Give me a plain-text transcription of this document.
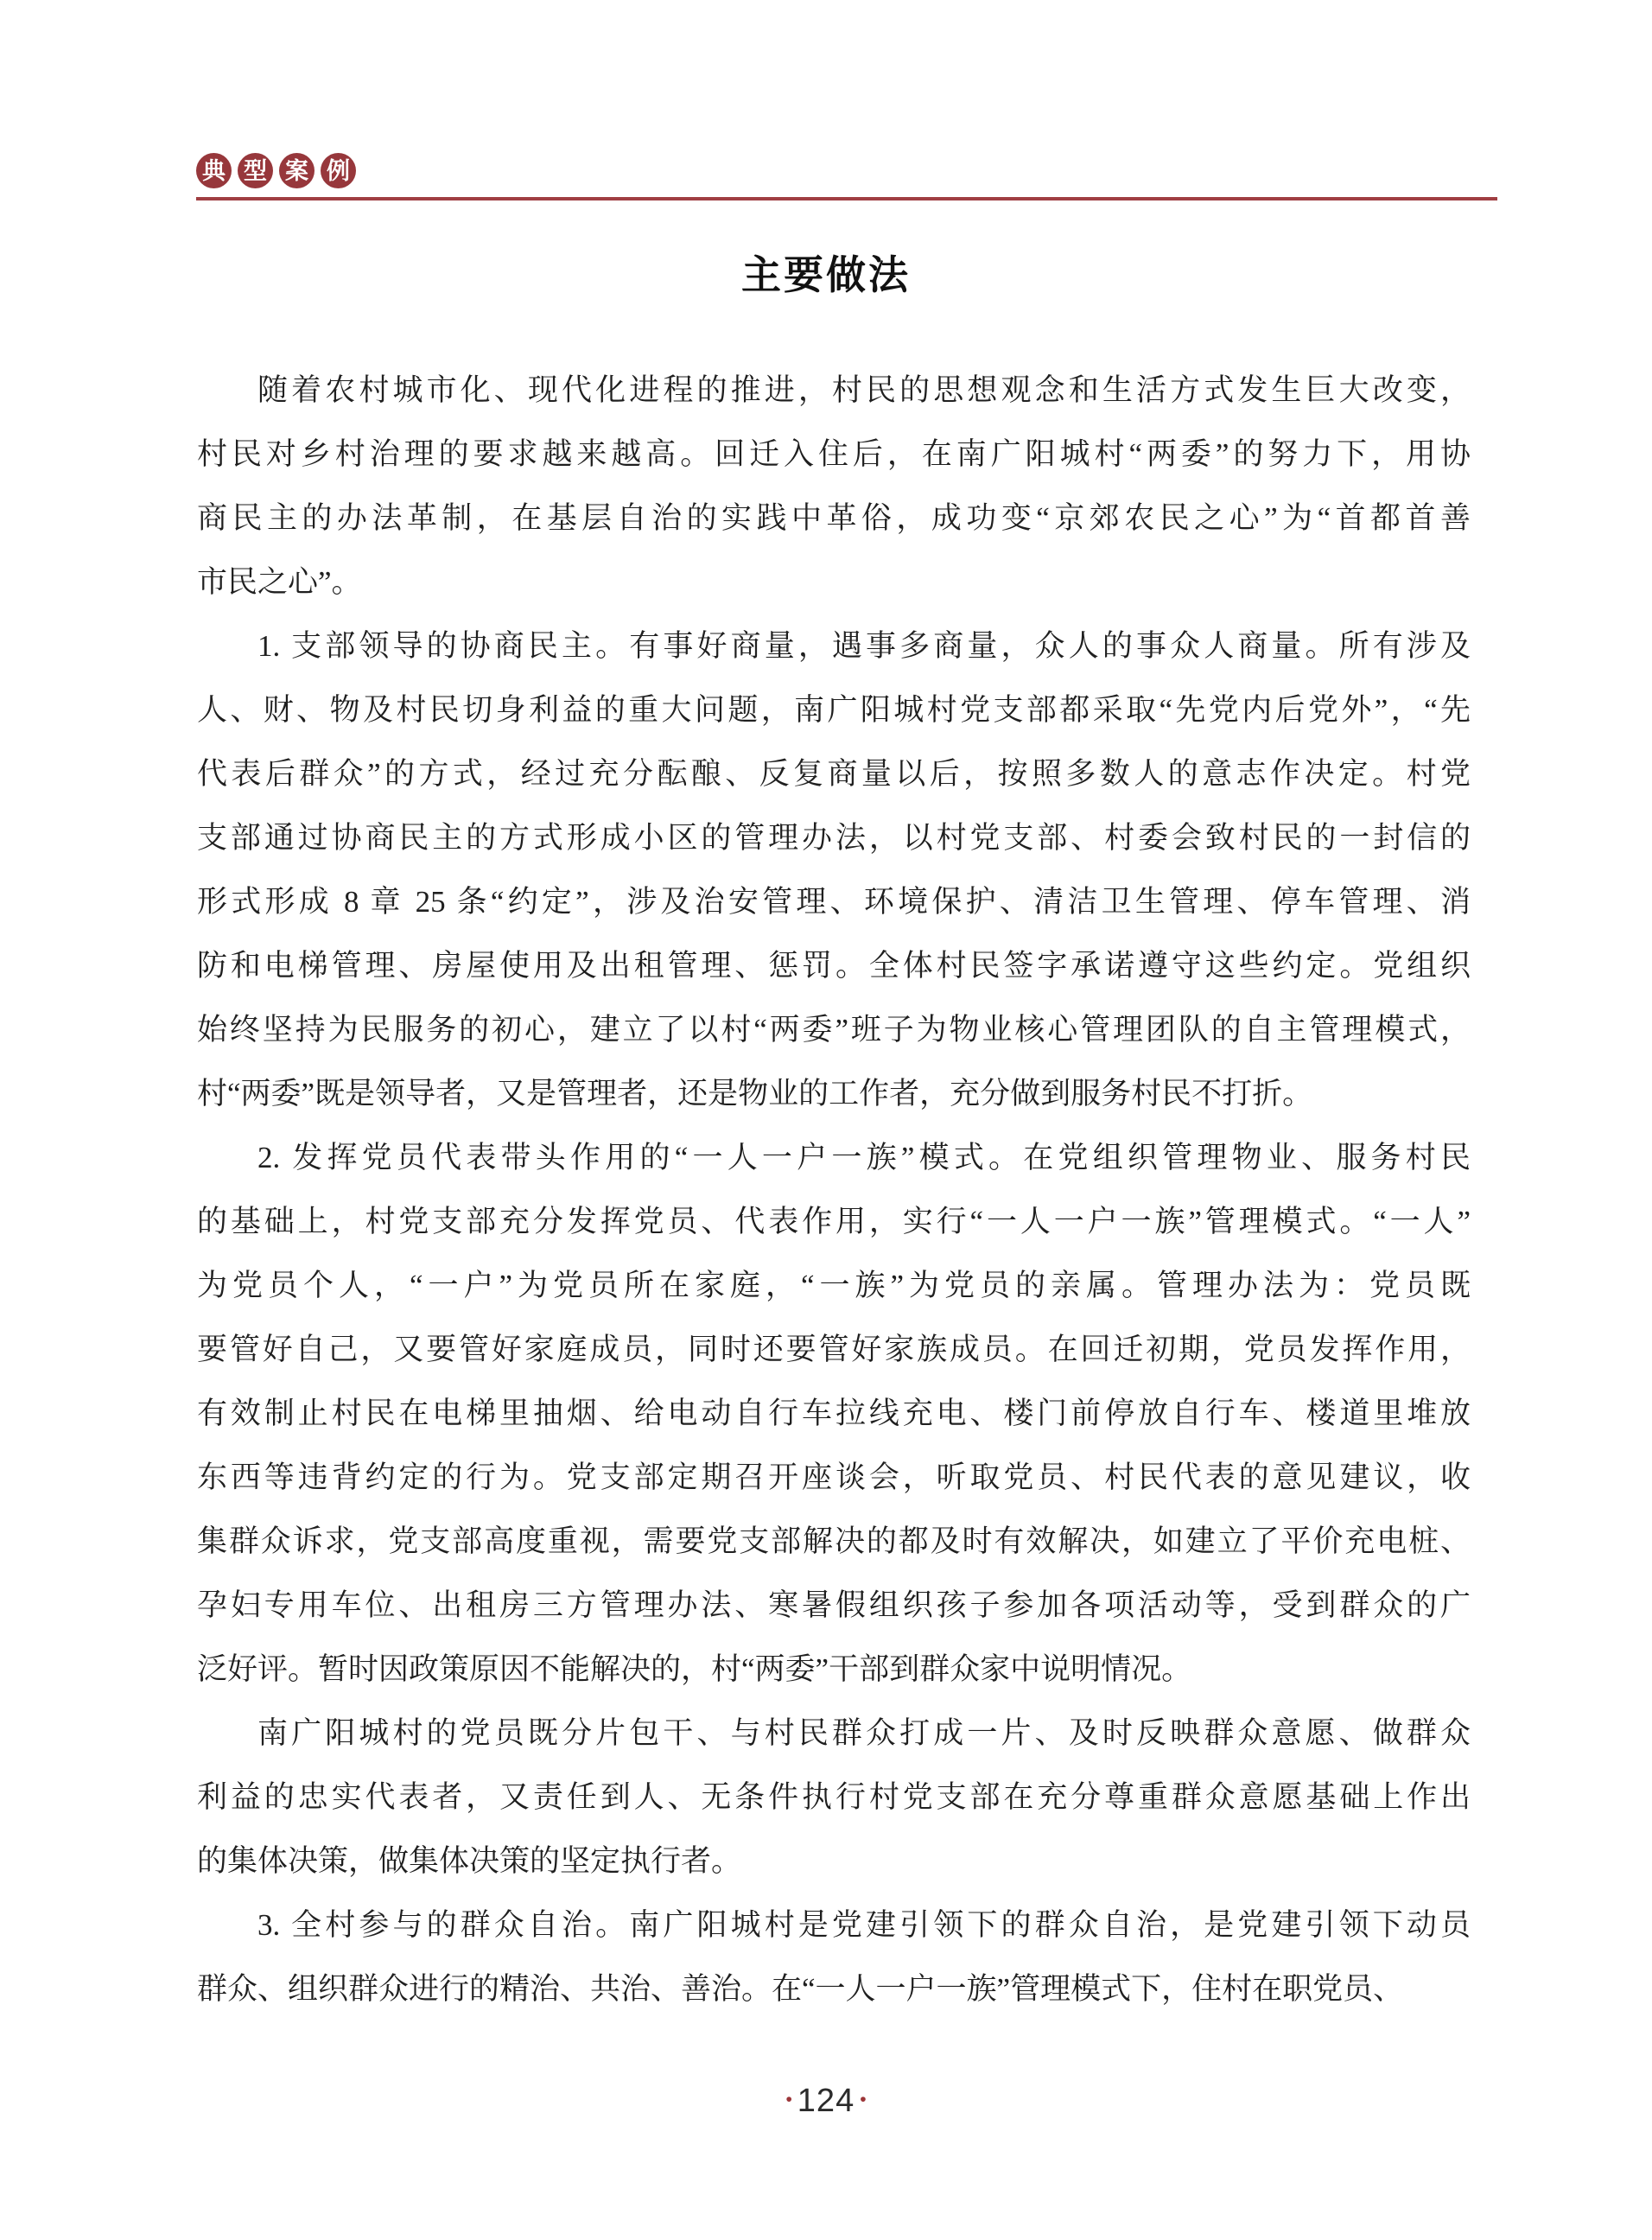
典 型 案 例
主要做法
随着农村城市化、现代化进程的推进，村民的思想观念和生活方式发生巨大改变，
村民对乡村治理的要求越来越高。回迁入住后，在南广阳城村“两委”的努力下，用协
商民主的办法革制，在基层自治的实践中革俗，成功变“京郊农民之心”为“首都首善
市民之心”。
1. 支部领导的协商民主。有事好商量，遇事多商量，众人的事众人商量。所有涉及
人、财、物及村民切身利益的重大问题，南广阳城村党支部都采取“先党内后党外”，“先
代表后群众”的方式，经过充分酝酿、反复商量以后，按照多数人的意志作决定。村党
支部通过协商民主的方式形成小区的管理办法，以村党支部、村委会致村民的一封信的
形式形成 8 章 25 条“约定”，涉及治安管理、环境保护、清洁卫生管理、停车管理、消
防和电梯管理、房屋使用及出租管理、惩罚。全体村民签字承诺遵守这些约定。党组织
始终坚持为民服务的初心，建立了以村“两委”班子为物业核心管理团队的自主管理模式，
村“两委”既是领导者，又是管理者，还是物业的工作者，充分做到服务村民不打折。
2. 发挥党员代表带头作用的“一人一户一族”模式。在党组织管理物业、服务村民
的基础上，村党支部充分发挥党员、代表作用，实行“一人一户一族”管理模式。“一人”
为党员个人，“一户”为党员所在家庭，“一族”为党员的亲属。管理办法为：党员既
要管好自己，又要管好家庭成员，同时还要管好家族成员。在回迁初期，党员发挥作用，
有效制止村民在电梯里抽烟、给电动自行车拉线充电、楼门前停放自行车、楼道里堆放
东西等违背约定的行为。党支部定期召开座谈会，听取党员、村民代表的意见建议，收
集群众诉求，党支部高度重视，需要党支部解决的都及时有效解决，如建立了平价充电桩、
孕妇专用车位、出租房三方管理办法、寒暑假组织孩子参加各项活动等，受到群众的广
泛好评。暂时因政策原因不能解决的，村“两委”干部到群众家中说明情况。
南广阳城村的党员既分片包干、与村民群众打成一片、及时反映群众意愿、做群众
利益的忠实代表者，又责任到人、无条件执行村党支部在充分尊重群众意愿基础上作出
的集体决策，做集体决策的坚定执行者。
3. 全村参与的群众自治。南广阳城村是党建引领下的群众自治，是党建引领下动员
群众、组织群众进行的精治、共治、善治。在“一人一户一族”管理模式下，住村在职党员、
• 124 •
